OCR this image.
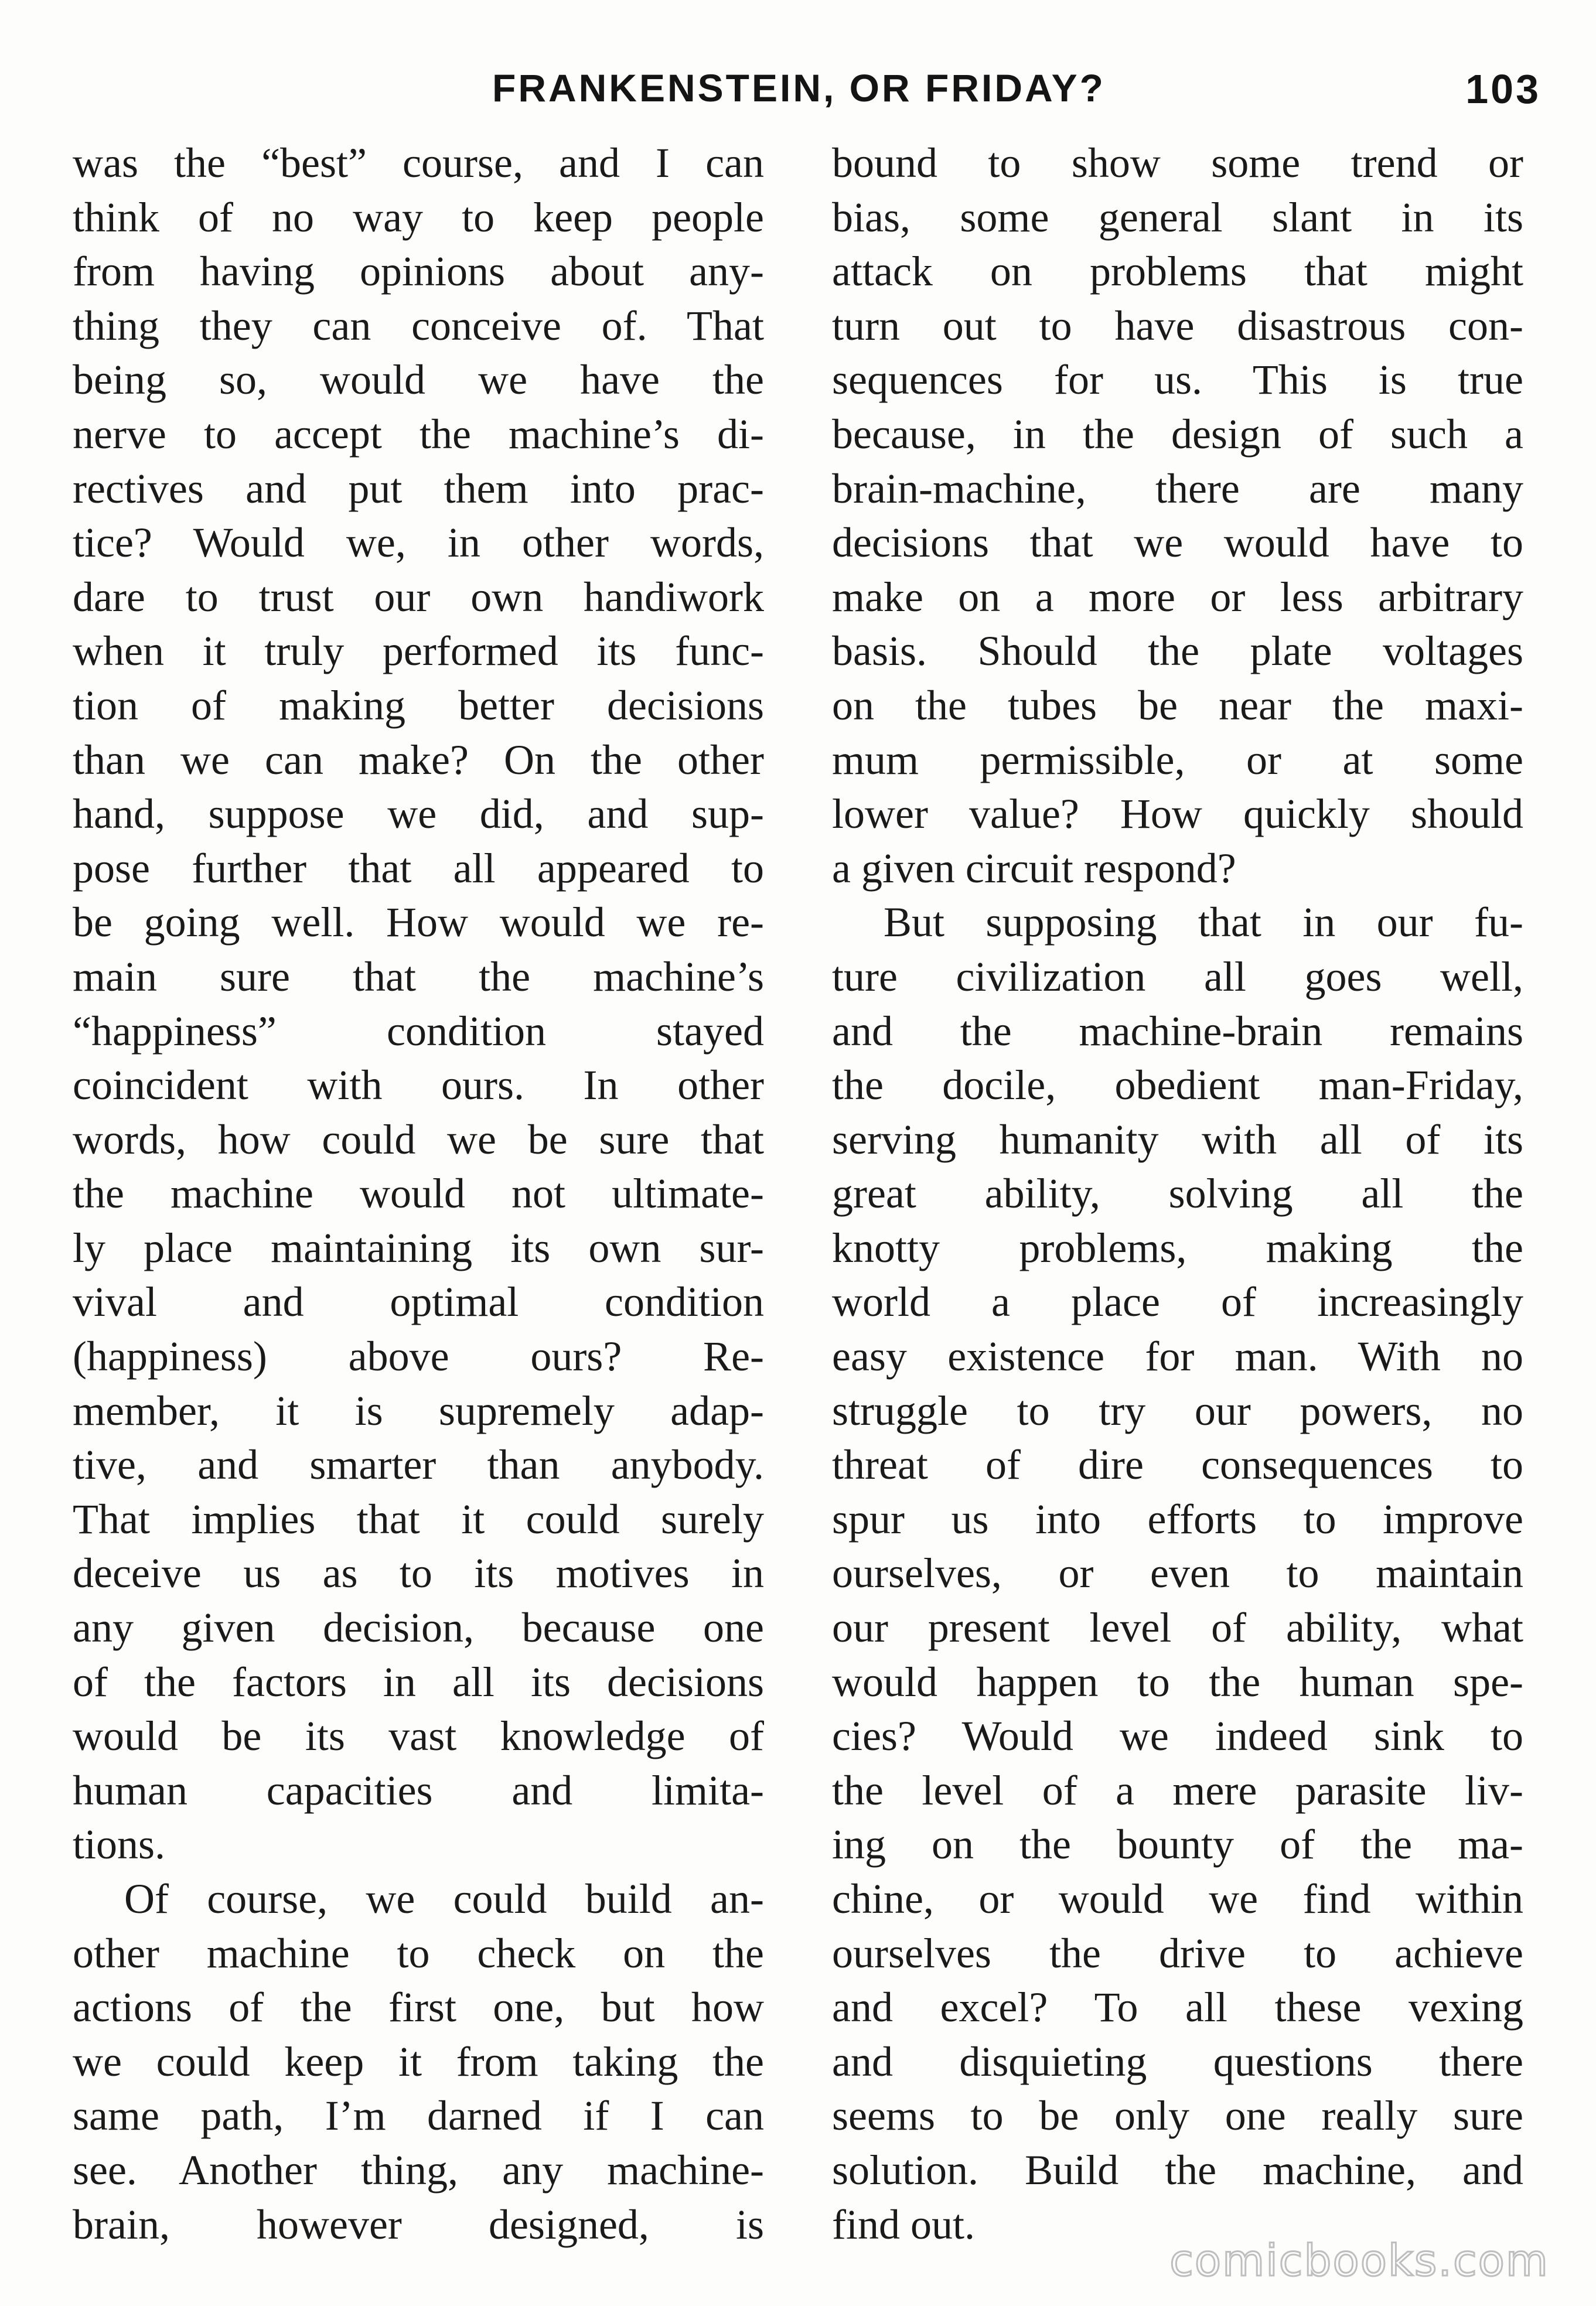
FRANKENSTEIN, OR FRIDAY?	103
was the “best” course, and I can
think of no way to keep people
from having opinions about any-
thing they can conceive of. That
being so, would we have the
nerve to accept the machine’s di-
rectives and put them into prac-
tice? Would we, in other words,
dare to trust our own handiwork
when it truly performed its func-
tion of making better decisions
than we can make? On the other
hand, suppose we did, and sup-
pose further that all appeared to
be going well. How would we re-
main sure that the machine’s
“happiness” condition stayed
coincident with ours. In other
words, how could we be sure that
the machine would not ultimate-
ly place maintaining its own sur-
vival and optimal condition
(happiness) above ours? Re-
member, it is supremely adap-
tive, and smarter than anybody.
That implies that it could surely
deceive us as to its motives in
any given decision, because one
of the factors in all its decisions
would be its vast knowledge of
human capacities and limita-
tions.
Of course, we could build an-
other machine to check on the
actions of the first one, but how
we could keep it from taking the
same path, I’m darned if I can
see. Another thing, any machine-
brain, however designed, is
bound to show some trend or
bias, some general slant in its
attack on problems that might
turn out to have disastrous con-
sequences for us. This is true
because, in the design of such a
brain-machine, there are many
decisions that we would have to
make on a more or less arbitrary
basis. Should the plate voltages
on the tubes be near the maxi-
mum permissible, or at some
lower value? How quickly should
a given circuit respond?
But supposing that in our fu-
ture civilization all goes well,
and the machine-brain remains
the docile, obedient man-Friday,
serving humanity with all of its
great ability, solving all the
knotty problems, making the
world a place of increasingly
easy existence for man. With no
struggle to try our powers, no
threat of dire consequences to
spur us into efforts to improve
ourselves, or even to maintain
our present level of ability, what
would happen to the human spe-
cies? Would we indeed sink to
the level of a mere parasite liv-
ing on the bounty of the ma-
chine, or would we find within
ourselves the drive to achieve
and excel? To all these vexing
and disquieting questions there
seems to be only one really sure
solution. Build the machine, and
find out.
comicbooks.com
